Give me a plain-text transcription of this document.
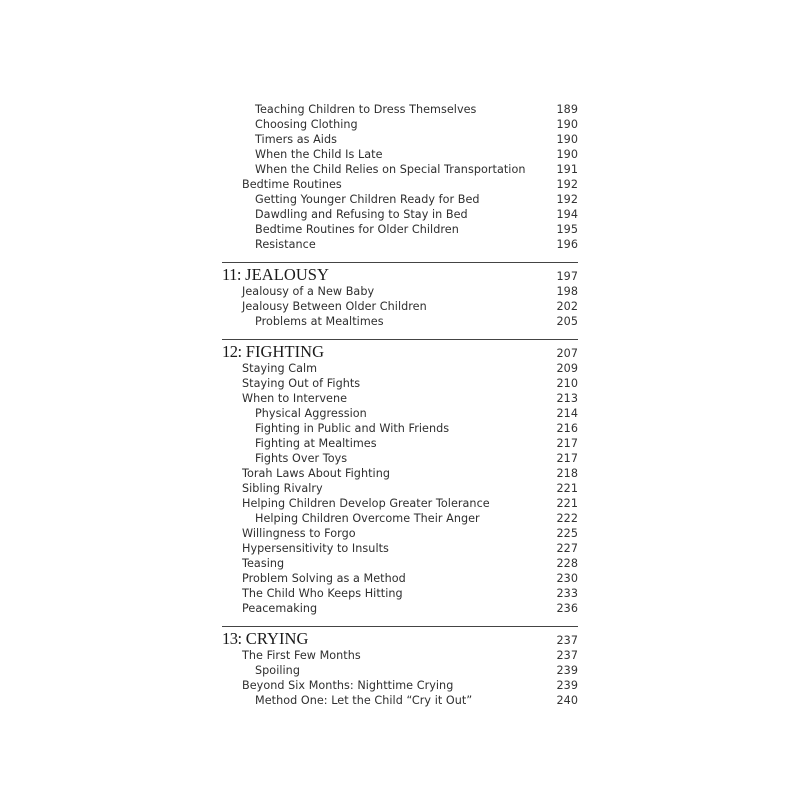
Teaching Children to Dress Themselves	189
Choosing Clothing	190
Timers as Aids	190
When the Child Is Late	190
When the Child Relies on Special Transportation	191
Bedtime Routines	192
Getting Younger Children Ready for Bed	192
Dawdling and Refusing to Stay in Bed	194
Bedtime Routines for Older Children	195
Resistance	196
11: JEALOUSY	197
Jealousy of a New Baby	198
Jealousy Between Older Children	202
Problems at Mealtimes	205
12: FIGHTING	207
Staying Calm	209
Staying Out of Fights	210
When to Intervene	213
Physical Aggression	214
Fighting in Public and With Friends	216
Fighting at Mealtimes	217
Fights Over Toys	217
Torah Laws About Fighting	218
Sibling Rivalry	221
Helping Children Develop Greater Tolerance	221
Helping Children Overcome Their Anger	222
Willingness to Forgo	225
Hypersensitivity to Insults	227
Teasing	228
Problem Solving as a Method	230
The Child Who Keeps Hitting	233
Peacemaking	236
13: CRYING	237
The First Few Months	237
Spoiling	239
Beyond Six Months: Nighttime Crying	239
Method One: Let the Child “Cry it Out”	240
